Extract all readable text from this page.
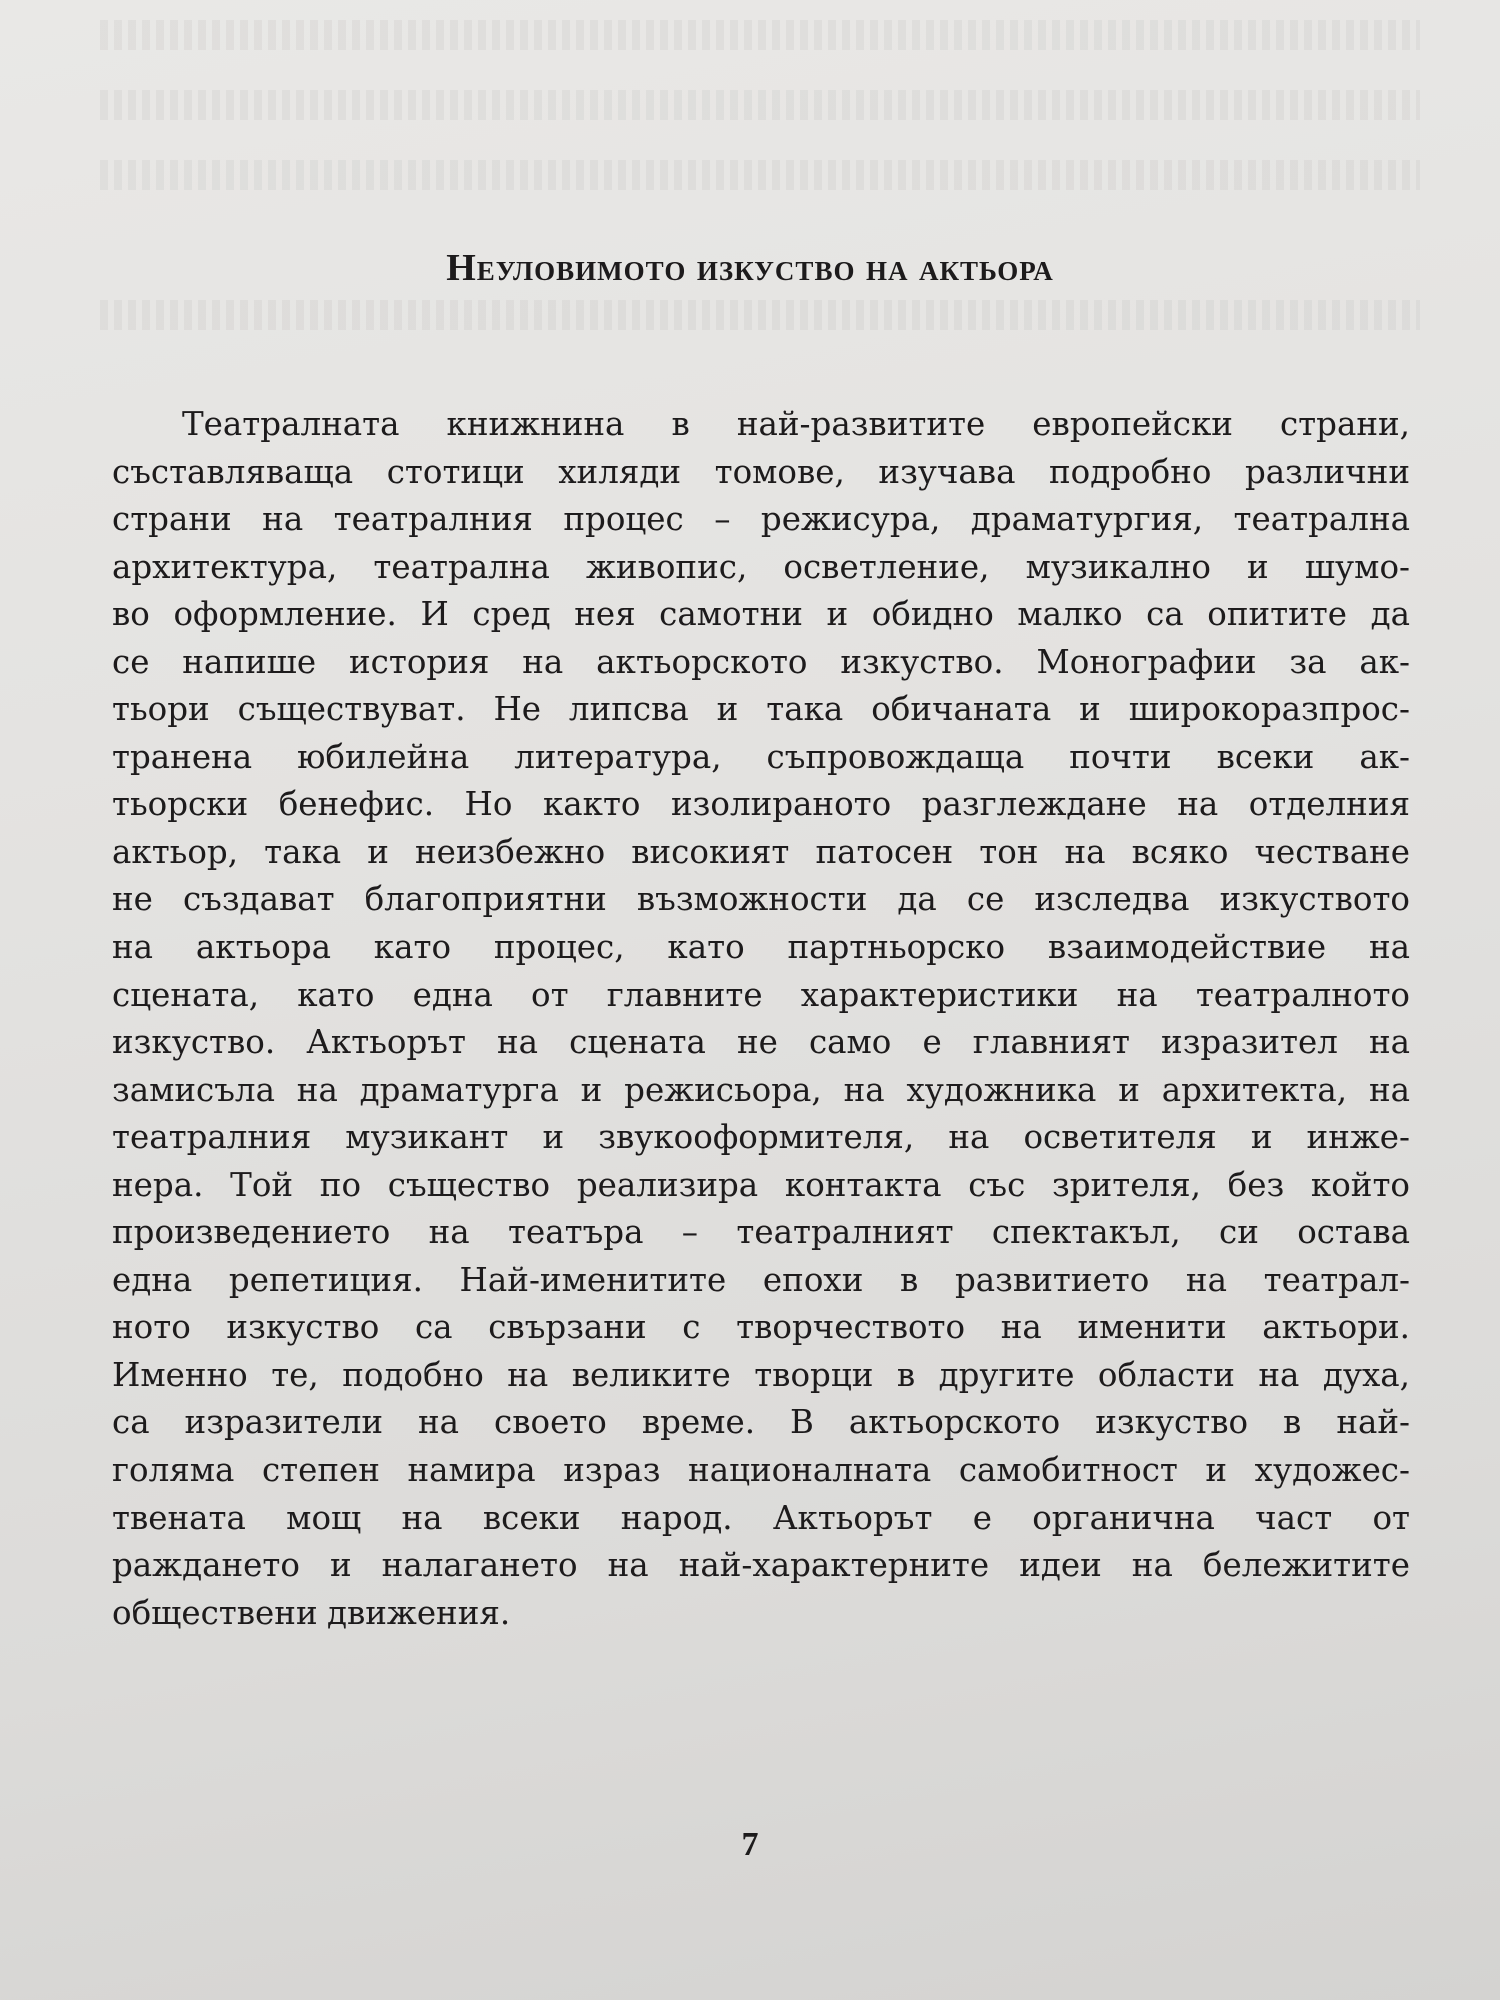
Неуловимото изкуство на актьора
Театралната книжнина в най-развитите европейски страни,
съставляваща стотици хиляди томове, изучава подробно различни
страни на театралния процес – режисура, драматургия, театрална
архитектура, театрална живопис, осветление, музикално и шумо-
во оформление. И сред нея самотни и обидно малко са опитите да
се напише история на актьорското изкуство. Монографии за ак-
тьори съществуват. Не липсва и така обичаната и широкоразпрос-
транена юбилейна литература, съпровождаща почти всеки ак-
тьорски бенефис. Но както изолираното разглеждане на отделния
актьор, така и неизбежно високият патосен тон на всяко честване
не създават благоприятни възможности да се изследва изкуството
на актьора като процес, като партньорско взаимодействие на
сцената, като една от главните характеристики на театралното
изкуство. Актьорът на сцената не само е главният изразител на
замисъла на драматурга и режисьора, на художника и архитекта, на
театралния музикант и звукооформителя, на осветителя и инже-
нера. Той по същество реализира контакта със зрителя, без който
произведението на театъра – театралният спектакъл, си остава
една репетиция. Най-именитите епохи в развитието на театрал-
ното изкуство са свързани с творчеството на именити актьори.
Именно те, подобно на великите творци в другите области на духа,
са изразители на своето време. В актьорското изкуство в най-
голяма степен намира израз националната самобитност и художес-
твената мощ на всеки народ. Актьорът е органична част от
раждането и налагането на най-характерните идеи на бележитите
обществени движения.
7
